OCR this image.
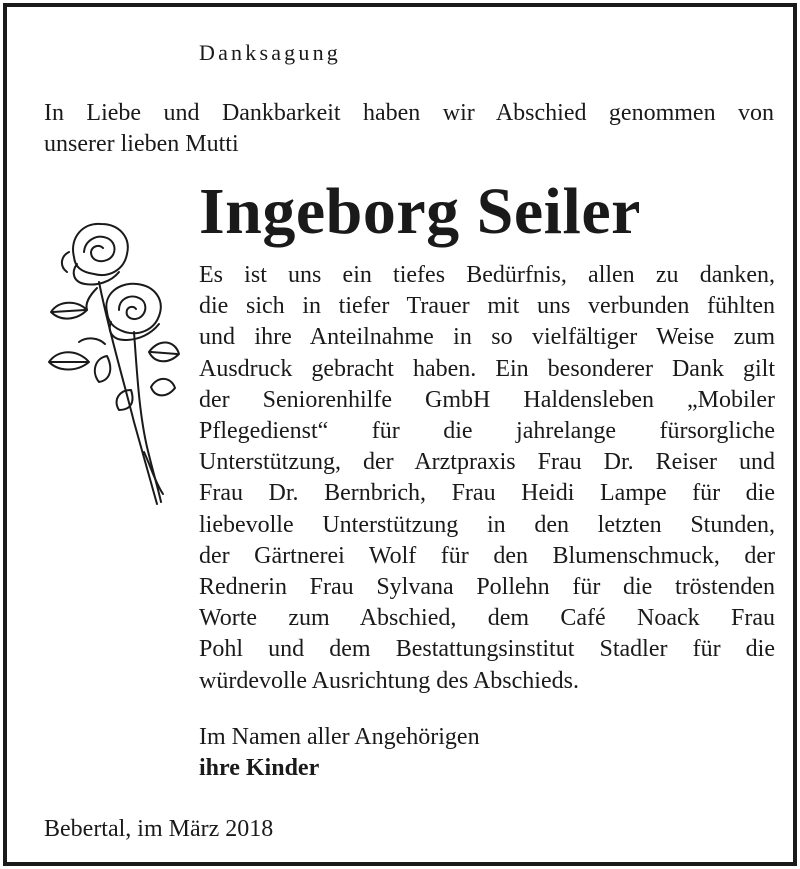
Danksagung
In Liebe und Dankbarkeit haben wir Abschied genommen von
unserer lieben Mutti
Ingeborg Seiler
Es ist uns ein tiefes Bedürfnis, allen zu danken,
die sich in tiefer Trauer mit uns verbunden fühlten
und ihre Anteilnahme in so vielfältiger Weise zum
Ausdruck gebracht haben. Ein besonderer Dank gilt
der Seniorenhilfe GmbH Haldensleben „Mobiler
Pflegedienst“ für die jahrelange fürsorgliche
Unterstützung, der Arztpraxis Frau Dr. Reiser und
Frau Dr. Bernbrich, Frau Heidi Lampe für die
liebevolle Unterstützung in den letzten Stunden,
der Gärtnerei Wolf für den Blumenschmuck, der
Rednerin Frau Sylvana Pollehn für die tröstenden
Worte zum Abschied, dem Café Noack Frau
Pohl und dem Bestattungsinstitut Stadler für die
würdevolle Ausrichtung des Abschieds.
Im Namen aller Angehörigen
ihre Kinder
Bebertal, im März 2018
